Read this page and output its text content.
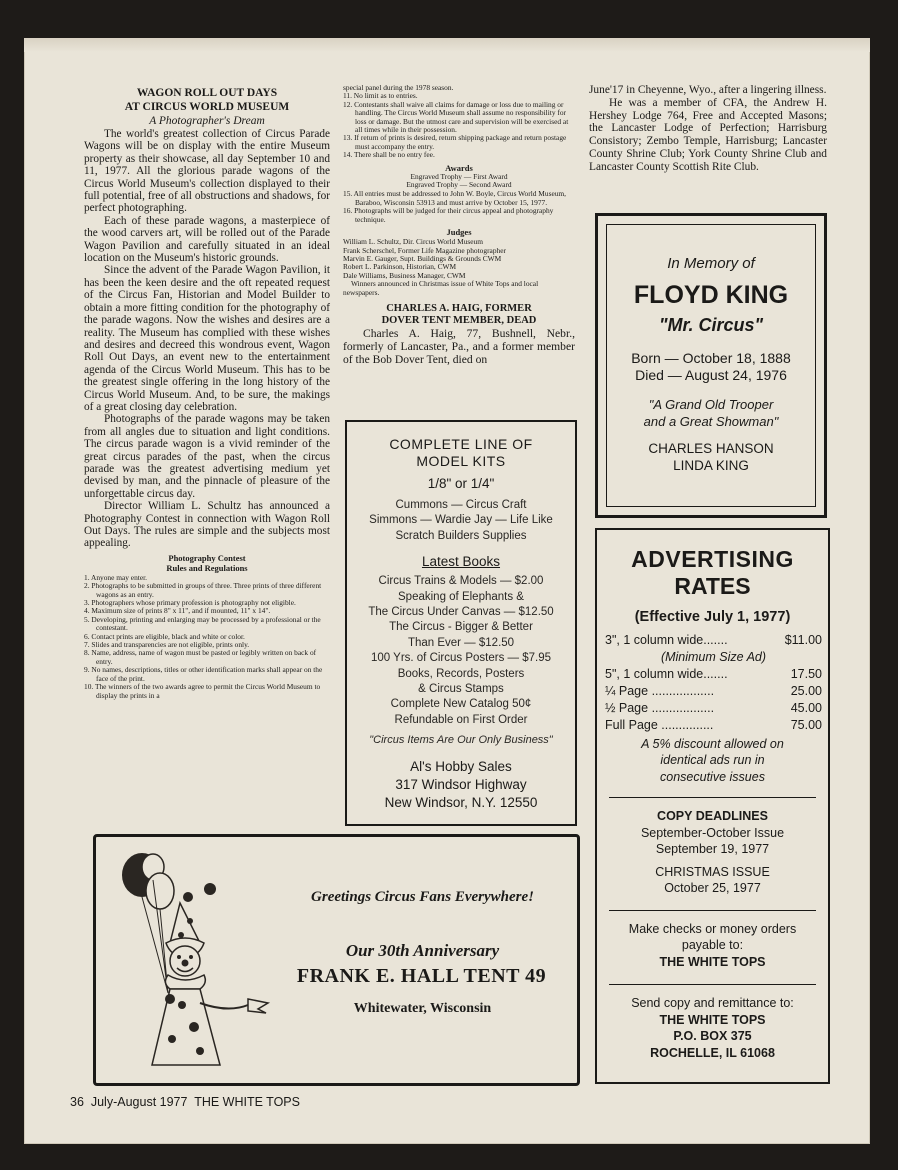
WAGON ROLL OUT DAYS
AT CIRCUS WORLD MUSEUM
A Photographer's Dream

The world's greatest collection of Circus Parade Wagons will be on display with the entire Museum property as their showcase, all day September 10 and 11, 1977. All the glorious parade wagons of the Circus World Museum's collection displayed to their full potential, free of all obstructions and shadows, for perfect photographing.

Each of these parade wagons, a masterpiece of the wood carvers art, will be rolled out of the Parade Wagon Pavilion and carefully situated in an ideal location on the Museum's historic grounds.

Since the advent of the Parade Wagon Pavilion, it has been the keen desire and the oft repeated request of the Circus Fan, Historian and Model Builder to obtain a more fitting condition for the photography of the parade wagons. Now the wishes and desires are a reality. The Museum has complied with these wishes and desires and decreed this wondrous event, Wagon Roll Out Days, an event new to the entertainment agenda of the Circus World Museum. This has to be the greatest single offering in the long history of the Circus World Museum. And, to be sure, the makings of a great closing day celebration.

Photographs of the parade wagons may be taken from all angles due to situation and light conditions. The circus parade wagon is a vivid reminder of the great circus parades of the past, when the circus parade was the greatest advertising medium yet devised by man, and the pinnacle of pleasure of the unforgettable circus day.

Director William L. Schultz has announced a Photography Contest in connection with Wagon Roll Out Days. The rules are simple and the subjects most appealing.

Photography Contest
Rules and Regulations
1. Anyone may enter.
2. Photographs to be submitted in groups of three. Three prints of three different wagons as an entry.
3. Photographers whose primary profession is photography not eligible.
4. Maximum size of prints 8" x 11", and if mounted, 11" x 14".
5. Developing, printing and enlarging may be processed by a professional or the contestant.
6. Contact prints are eligible, black and white or color.
7. Slides and transparencies are not eligible, prints only.
8. Name, address, name of wagon must be pasted or legibly written on back of entry.
9. No names, descriptions, titles or other identification marks shall appear on the face of the print.
10. The winners of the two awards agree to permit the Circus World Museum to display the prints in a
special panel during the 1978 season.
11. No limit as to entries.
12. Contestants shall waive all claims for damage or loss due to mailing or handling. The Circus World Museum shall assume no responsibility for loss or damage. But the utmost care and supervision will be exercised at all times while in their possession.
13. If return of prints is desired, return shipping package and return postage must accompany the entry.
14. There shall be no entry fee.
Awards
Engraved Trophy — First Award
Engraved Trophy — Second Award
15. All entries must be addressed to John W. Boyle, Circus World Museum, Baraboo, Wisconsin 53913 and must arrive by October 15, 1977.
16. Photographs will be judged for their circus appeal and photography technique.
Judges
William L. Schultz, Dir. Circus World Museum
Frank Scherschel, Former Life Magazine photographer
Marvin E. Gauger, Supt. Buildings & Grounds CWM
Robert L. Parkinson, Historian, CWM
Dale Williams, Business Manager, CWM
Winners announced in Christmas issue of White Tops and local newspapers.
CHARLES A. HAIG, FORMER
DOVER TENT MEMBER, DEAD

Charles A. Haig, 77, Bushnell, Nebr., formerly of Lancaster, Pa., and a former member of the Bob Dover Tent, died on

COMPLETE LINE OF
MODEL KITS
1/8" or 1/4"
Cummons — Circus Craft
Simmons — Wardie Jay — Life Like
Scratch Builders Supplies
Latest Books
Circus Trains & Models — $2.00
Speaking of Elephants &
The Circus Under Canvas — $12.50
The Circus - Bigger & Better
Than Ever — $12.50
100 Yrs. of Circus Posters — $7.95
Books, Records, Posters
& Circus Stamps
Complete New Catalog 50¢
Refundable on First Order
"Circus Items Are Our Only Business"
Al's Hobby Sales
317 Windsor Highway
New Windsor, N.Y. 12550

June'17 in Cheyenne, Wyo., after a lingering illness.

He was a member of CFA, the Andrew H. Hershey Lodge 764, Free and Accepted Masons; the Lancaster Lodge of Perfection; Harrisburg Consistory; Zembo Temple, Harrisburg; Lancaster County Shrine Club; York County Shrine Club and Lancaster County Scottish Rite Club.

In Memory of
FLOYD KING
"Mr. Circus"
Born — October 18, 1888
Died — August 24, 1976
"A Grand Old Trooper
and a Great Showman"
CHARLES HANSON
LINDA KING
ADVERTISING
RATES
(Effective July 1, 1977)
3", 1 column wide.......	$11.00
(Minimum Size Ad)
5", 1 column wide.......	17.50
¼ Page ..................	25.00
½ Page ..................	45.00
Full Page ...............	75.00
A 5% discount allowed on
identical ads run in
consecutive issues
COPY DEADLINES
September-October Issue
September 19, 1977
CHRISTMAS ISSUE
October 25, 1977
Make checks or money orders
payable to:
THE WHITE TOPS
Send copy and remittance to:
THE WHITE TOPS
P.O. BOX 375
ROCHELLE, IL 61068
Greetings Circus Fans Everywhere!
Our 30th Anniversary
FRANK E. HALL TENT 49
Whitewater, Wisconsin
36 July-August 1977 THE WHITE TOPS
